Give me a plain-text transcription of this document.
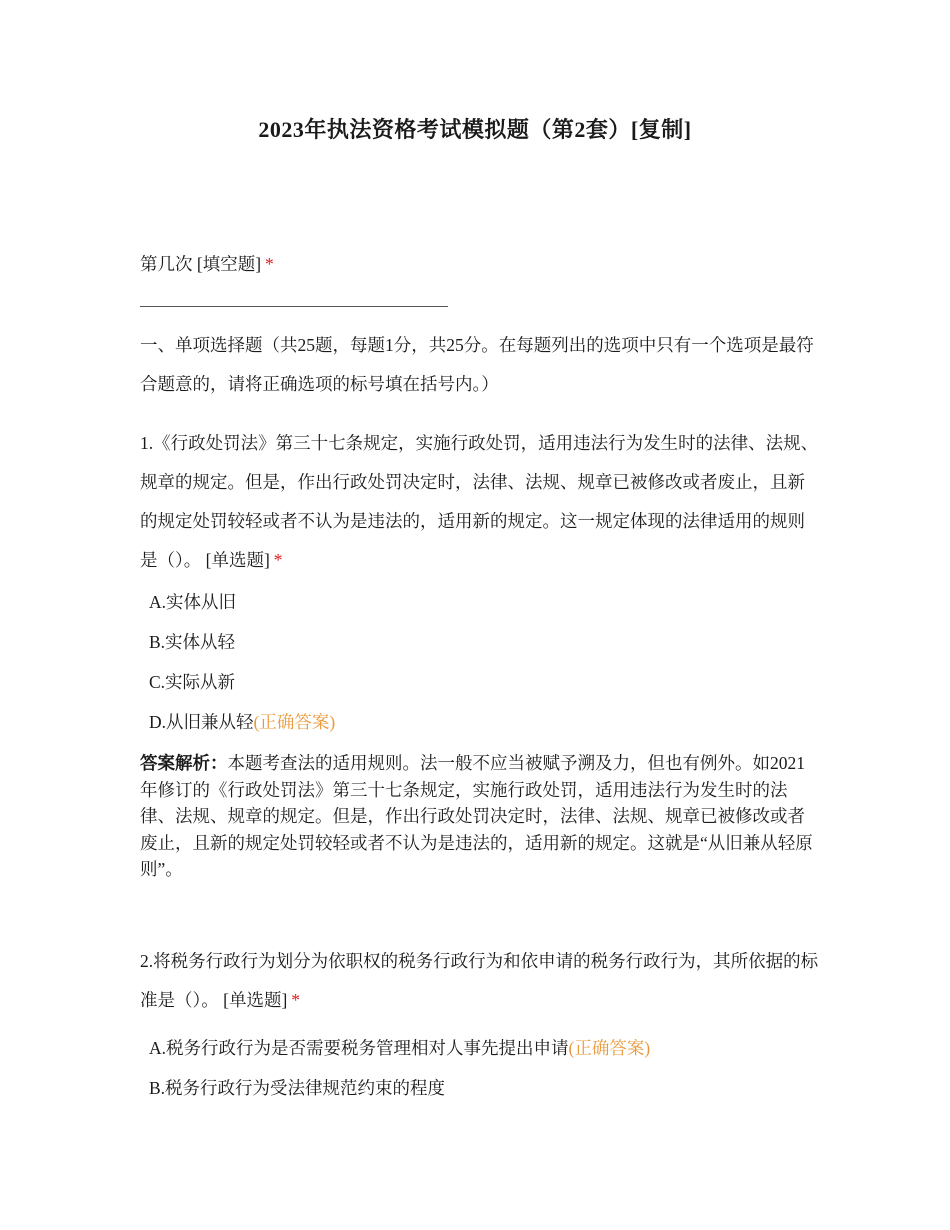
2023年执法资格考试模拟题（第2套）[复制]
第几次 [填空题] *
一、单项选择题（共25题，每题1分，共25分。在每题列出的选项中只有一个选项是最符合题意的，请将正确选项的标号填在括号内。）
1.《行政处罚法》第三十七条规定，实施行政处罚，适用违法行为发生时的法律、法规、规章的规定。但是，作出行政处罚决定时，法律、法规、规章已被修改或者废止，且新的规定处罚较轻或者不认为是违法的，适用新的规定。这一规定体现的法律适用的规则是（）。 [单选题] *
A.实体从旧
B.实体从轻
C.实际从新
D.从旧兼从轻(正确答案)
答案解析：本题考查法的适用规则。法一般不应当被赋予溯及力，但也有例外。如2021年修订的《行政处罚法》第三十七条规定，实施行政处罚，适用违法行为发生时的法律、法规、规章的规定。但是，作出行政处罚决定时，法律、法规、规章已被修改或者废止，且新的规定处罚较轻或者不认为是违法的，适用新的规定。这就是“从旧兼从轻原则”。
2.将税务行政行为划分为依职权的税务行政行为和依申请的税务行政行为，其所依据的标准是（）。 [单选题] *
A.税务行政行为是否需要税务管理相对人事先提出申请(正确答案)
B.税务行政行为受法律规范约束的程度
